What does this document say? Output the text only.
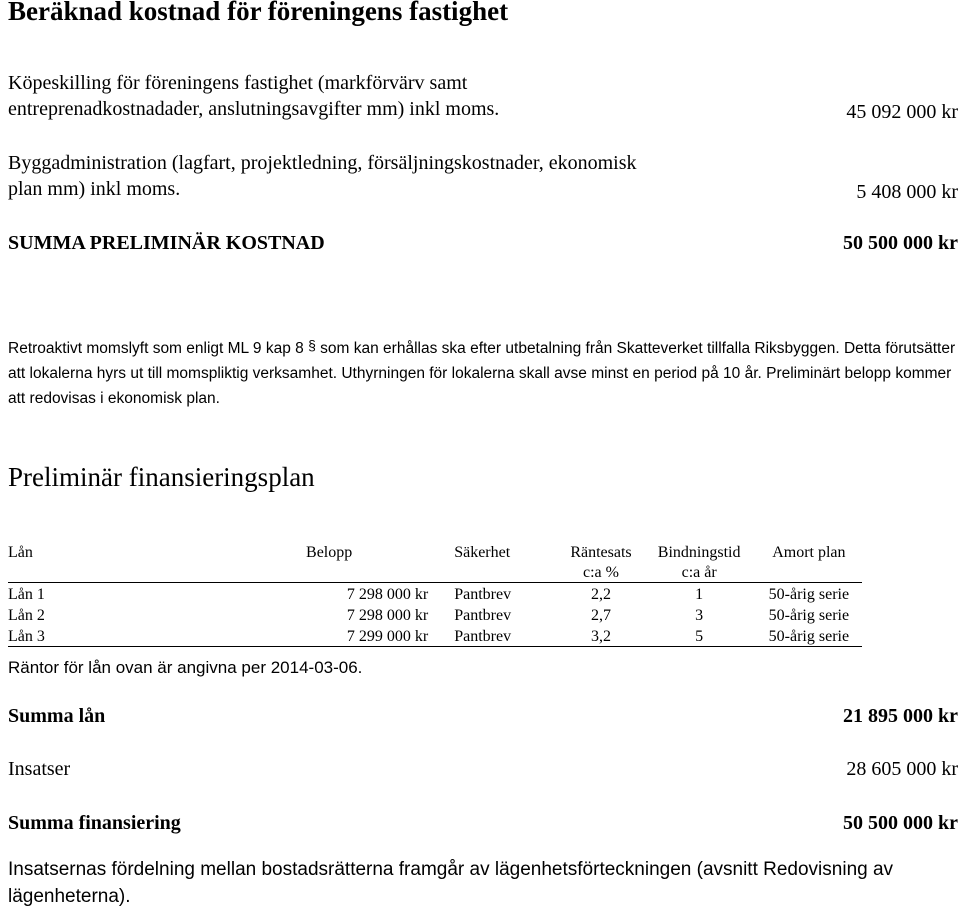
Beräknad kostnad för föreningens fastighet
Köpeskilling för föreningens fastighet (markförvärv samt
entreprenadkostnadader, anslutningsavgifter mm) inkl moms.	45 092 000 kr
Byggadministration (lagfart, projektledning, försäljningskostnader, ekonomisk
plan mm) inkl moms.	5 408 000 kr
SUMMA PRELIMINÄR KOSTNAD	50 500 000 kr
Retroaktivt momslyft som enligt ML 9 kap 8 § som kan erhållas ska efter utbetalning från Skatteverket tillfalla Riksbyggen. Detta förutsätter att lokalerna hyrs ut till momspliktig verksamhet. Uthyrningen för lokalerna skall avse minst en period på 10 år. Preliminärt belopp kommer att redovisas i ekonomisk plan.
Preliminär finansieringsplan
Lån	Belopp	Säkerhet	Räntesats	Bindningstid	Amort plan
			c:a %	c:a år	
Lån 1	7 298 000 kr	Pantbrev	2,2	1	50-årig serie
Lån 2	7 298 000 kr	Pantbrev	2,7	3	50-årig serie
Lån 3	7 299 000 kr	Pantbrev	3,2	5	50-årig serie
Räntor för lån ovan är angivna per 2014-03-06.
Summa lån	21 895 000 kr
Insatser	28 605 000 kr
Summa finansiering	50 500 000 kr
Insatsernas fördelning mellan bostadsrätterna framgår av lägenhetsförteckningen (avsnitt Redovisning av lägenheterna).
